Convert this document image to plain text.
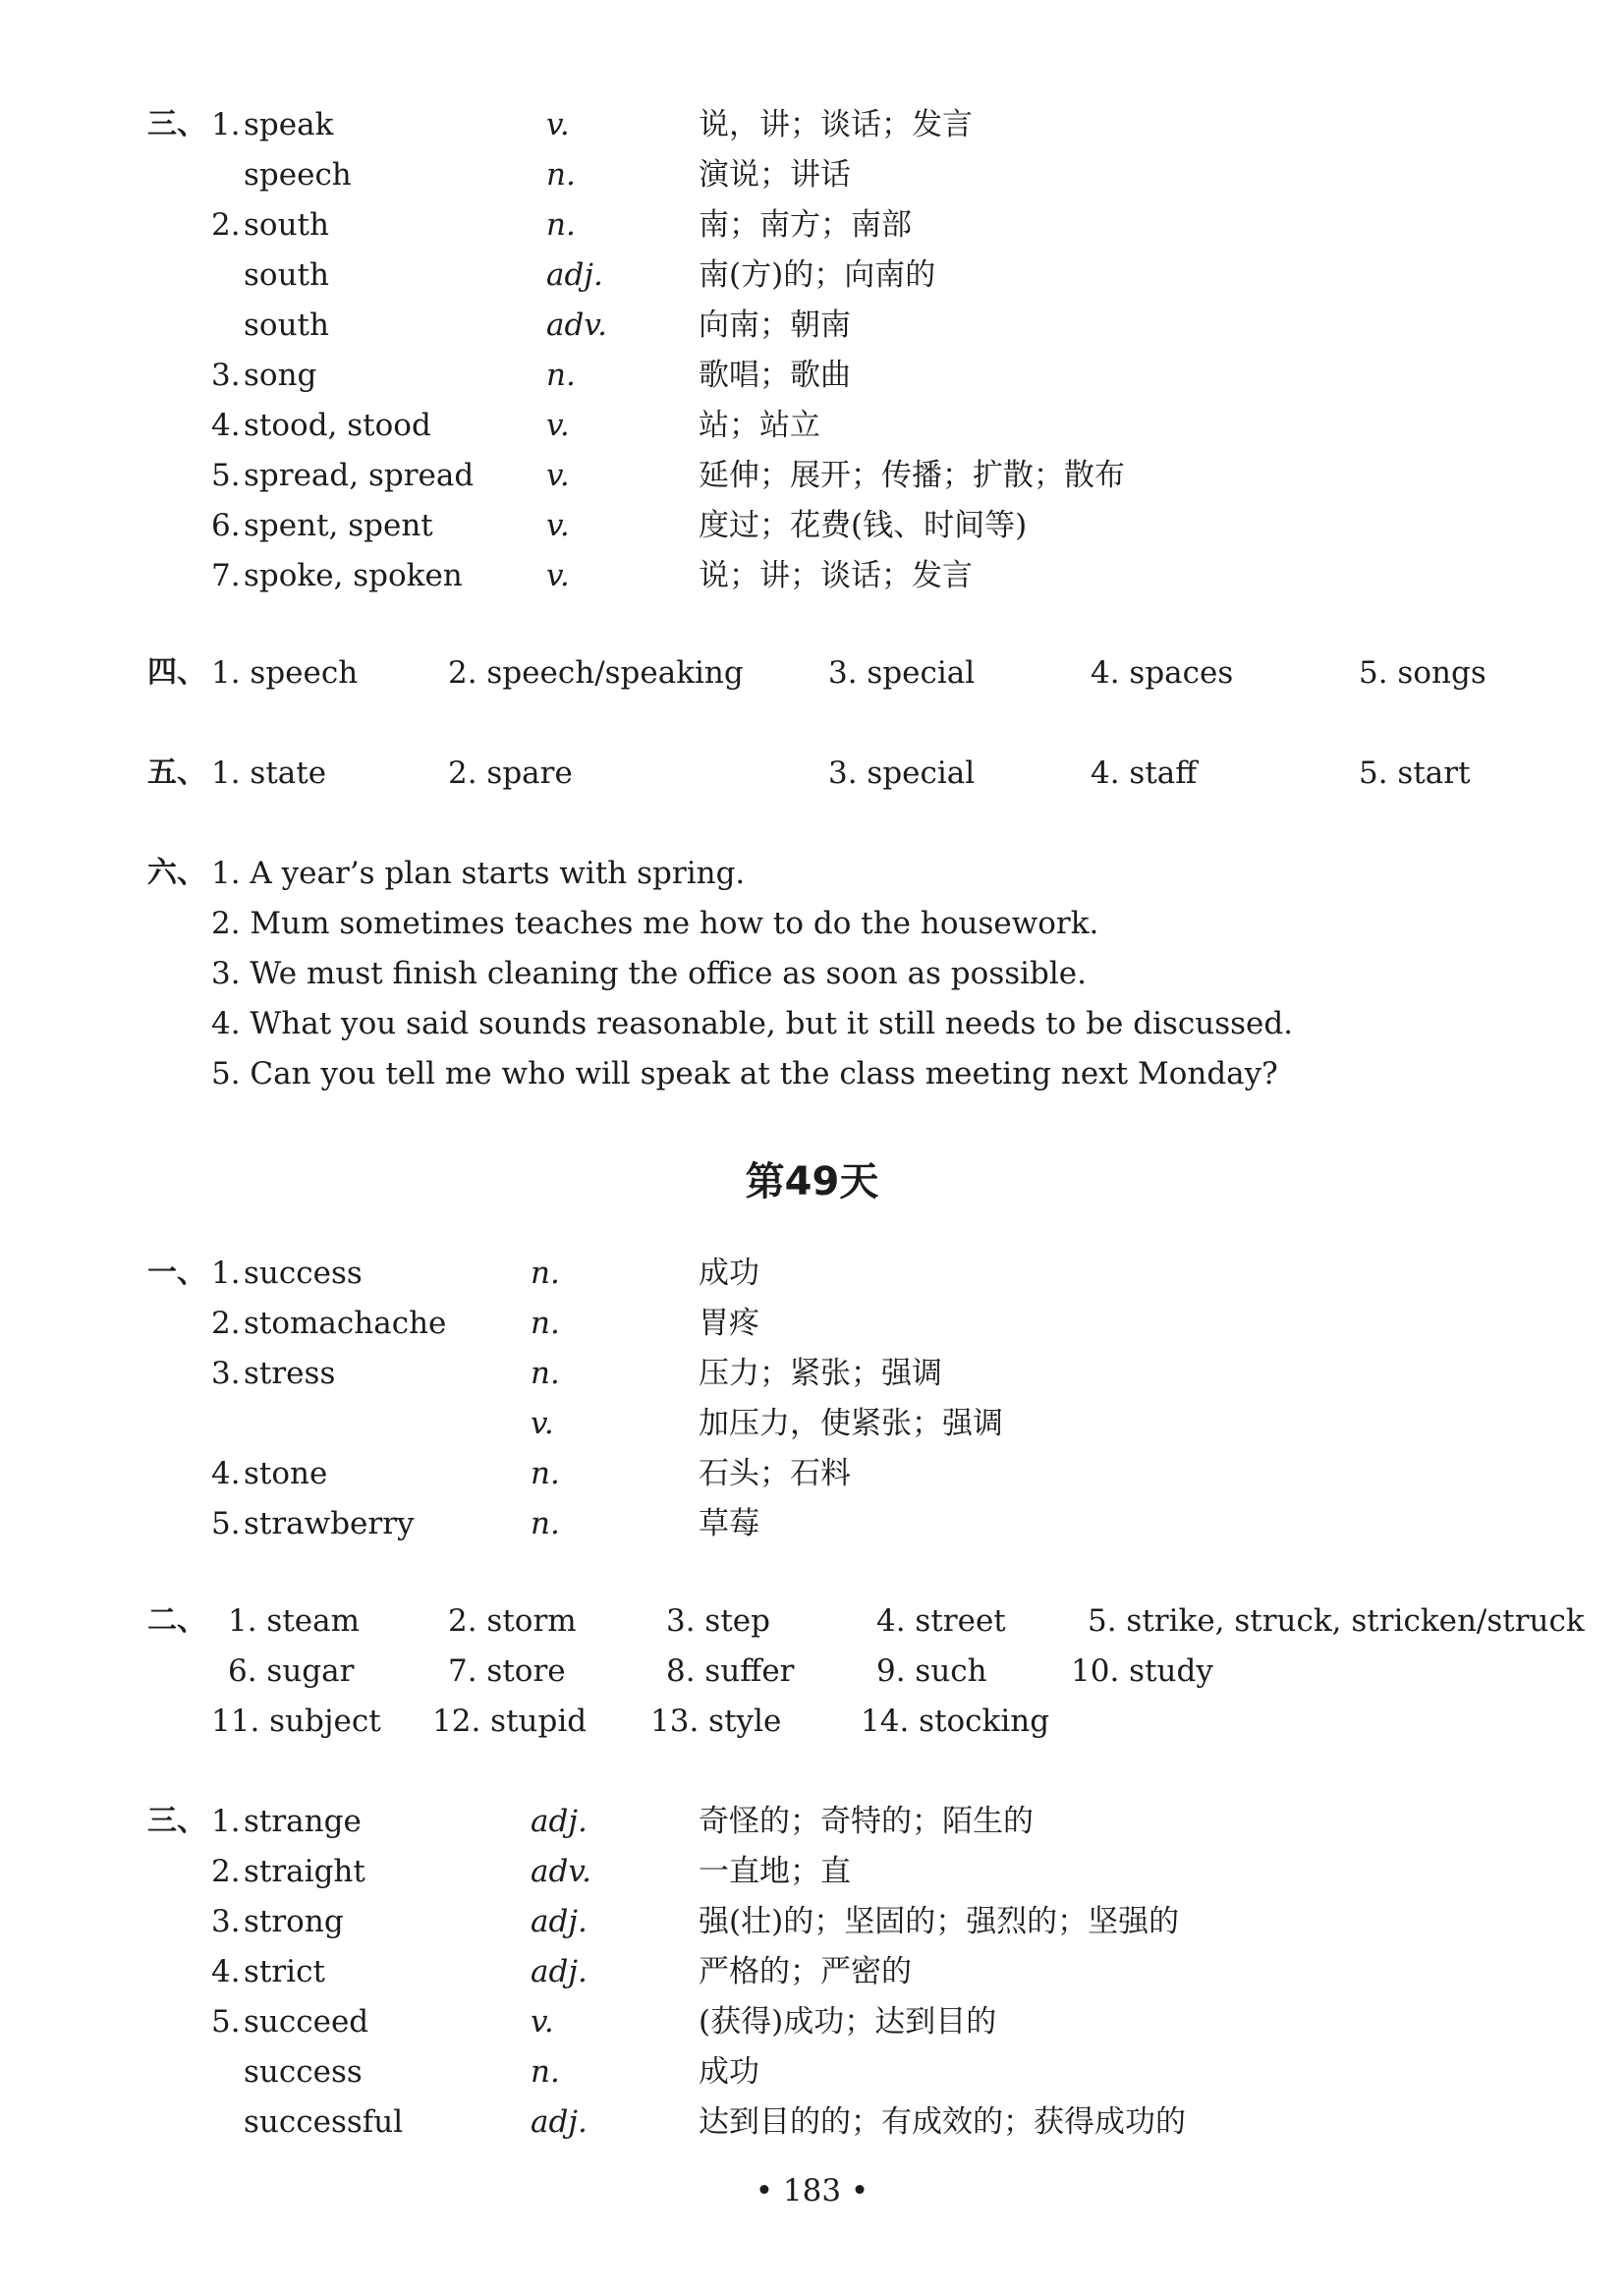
三、 1. speak	v.	说，讲；谈话；发言
speech	n.	演说；讲话
2. south	n.	南；南方；南部
south	adj.	南(方)的；向南的
south	adv.	向南；朝南
3. song	n.	歌唱；歌曲
4. stood, stood	v.	站；站立
5. spread, spread v.	延伸；展开；传播；扩散；散布
6. spent, spent	v.	度过；花费(钱、时间等)
7. spoke, spoken	v.	说；讲；谈话；发言
四、 1. speech	2. speech/speaking	3. special	4. spaces	5. songs
五、 1. state	2. spare	3. special	4. staff	5. start
六、 1. A year’s plan starts with spring.
2. Mum sometimes teaches me how to do the housework.
3. We must finish cleaning the office as soon as possible.
4. What you said sounds reasonable, but it still needs to be discussed.
5. Can you tell me who will speak at the class meeting next Monday?
第49天
一、 1. success	n.	成功
2. stomachache	n.	胃疼
3. stress	n.	压力；紧张；强调
v.	加压力，使紧张；强调
4. stone	n.	石头；石料
5. strawberry	n.	草莓
二、 1. steam	2. storm	3. step	4. street	5. strike, struck, stricken/struck
6. sugar	7. store	8. suffer	9. such	10. study
11. subject 12. stupid 13. style	14. stocking
三、 1. strange	adj.	奇怪的；奇特的；陌生的
2. straight	adv.	一直地；直
3. strong	adj.	强(壮)的；坚固的；强烈的；坚强的
4. strict	adj.	严格的；严密的
5. succeed	v.	(获得)成功；达到目的
success	n.	成功
successful	adj.	达到目的的；有成效的；获得成功的
• 183 •
